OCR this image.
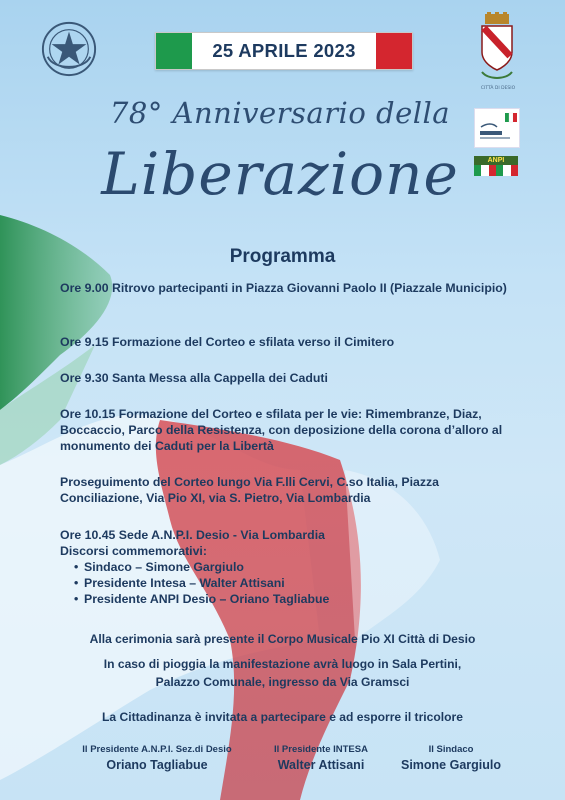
25 APRILE 2023
CITTÀ DI DESIO
ANPI
78° Anniversario della
Liberazione
Programma
Ore 9.00 Ritrovo partecipanti in Piazza Giovanni Paolo II (Piazzale Municipio)
Ore 9.15 Formazione del Corteo e sfilata verso il Cimitero
Ore 9.30 Santa Messa alla Cappella dei Caduti
Ore 10.15 Formazione del Corteo e sfilata per le vie: Rimembranze, Diaz, Boccaccio, Parco della Resistenza, con deposizione della corona d’alloro al monumento dei Caduti per la Libertà
Proseguimento del Corteo lungo Via F.lli Cervi, C.so Italia, Piazza Conciliazione, Via Pio XI, via S. Pietro, Via Lombardia
Ore 10.45 Sede A.N.P.I. Desio - Via Lombardia
Discorsi commemorativi:
• Sindaco – Simone Gargiulo
• Presidente Intesa – Walter Attisani
• Presidente ANPI Desio – Oriano Tagliabue
Alla cerimonia sarà presente il Corpo Musicale Pio XI Città di Desio
In caso di pioggia la manifestazione avrà luogo in Sala Pertini,
Palazzo Comunale, ingresso da Via Gramsci
La Cittadinanza è invitata a partecipare e ad esporre il tricolore
Il Presidente A.N.P.I. Sez.di Desio
Oriano Tagliabue
Il Presidente INTESA
Walter Attisani
Il Sindaco
Simone Gargiulo
